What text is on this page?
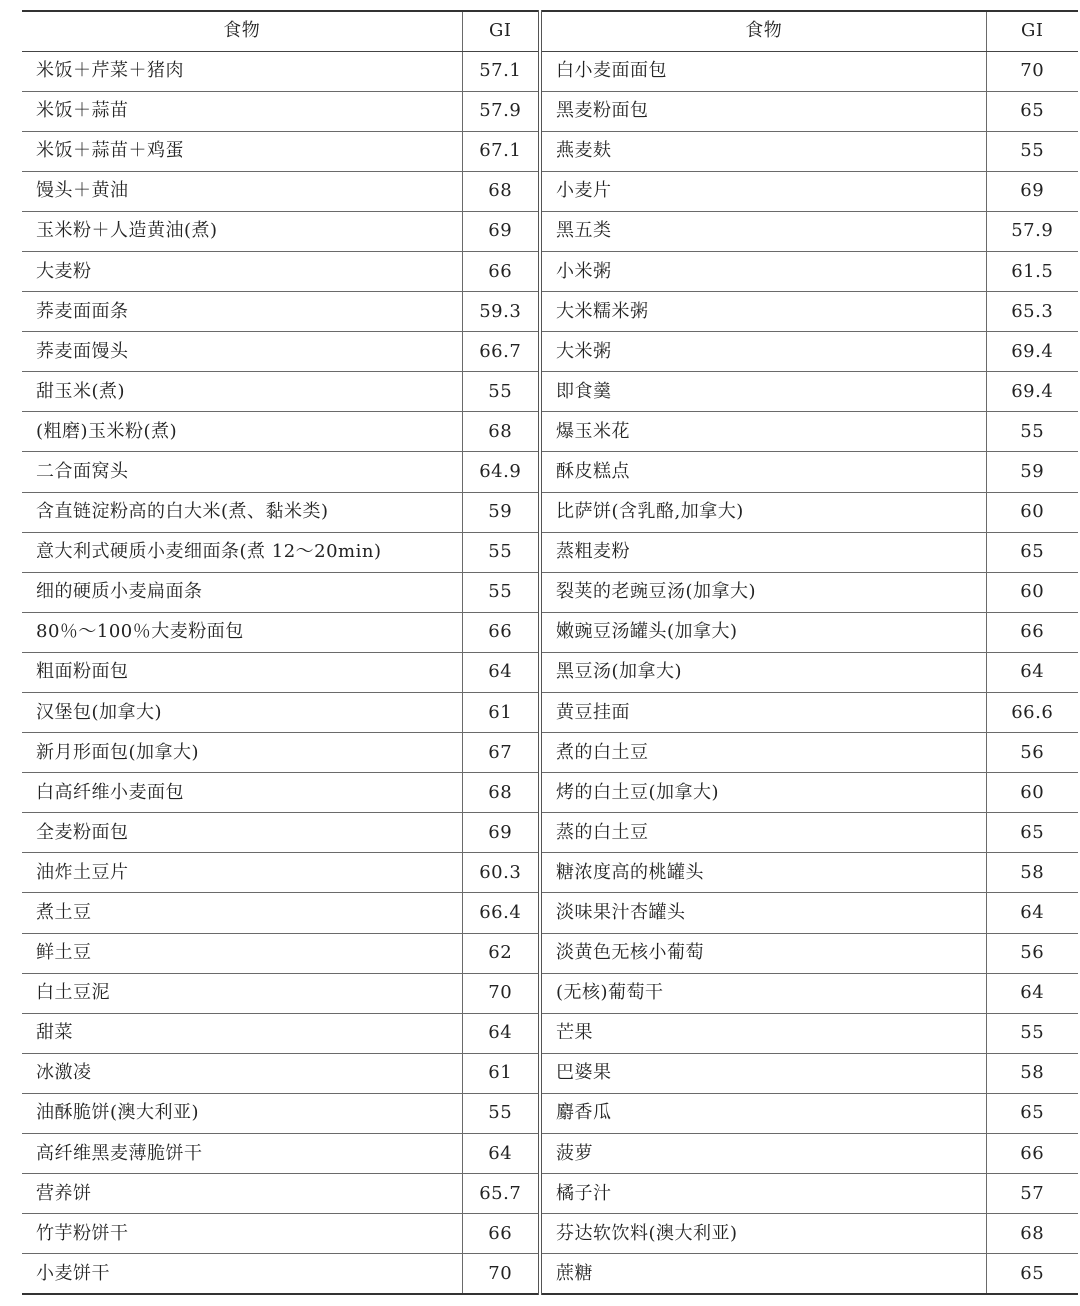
食物	GI	食物	GI
米饭＋芹菜＋猪肉	57.1	白小麦面面包	70
米饭＋蒜苗	57.9	黑麦粉面包	65
米饭＋蒜苗＋鸡蛋	67.1	燕麦麸	55
馒头＋黄油	68	小麦片	69
玉米粉＋人造黄油(煮)	69	黑五类	57.9
大麦粉	66	小米粥	61.5
荞麦面面条	59.3	大米糯米粥	65.3
荞麦面馒头	66.7	大米粥	69.4
甜玉米(煮)	55	即食羹	69.4
(粗磨)玉米粉(煮)	68	爆玉米花	55
二合面窝头	64.9	酥皮糕点	59
含直链淀粉高的白大米(煮、黏米类)	59	比萨饼(含乳酪,加拿大)	60
意大利式硬质小麦细面条(煮 12～20min)	55	蒸粗麦粉	65
细的硬质小麦扁面条	55	裂荚的老豌豆汤(加拿大)	60
80％～100％大麦粉面包	66	嫩豌豆汤罐头(加拿大)	66
粗面粉面包	64	黑豆汤(加拿大)	64
汉堡包(加拿大)	61	黄豆挂面	66.6
新月形面包(加拿大)	67	煮的白土豆	56
白高纤维小麦面包	68	烤的白土豆(加拿大)	60
全麦粉面包	69	蒸的白土豆	65
油炸土豆片	60.3	糖浓度高的桃罐头	58
煮土豆	66.4	淡味果汁杏罐头	64
鲜土豆	62	淡黄色无核小葡萄	56
白土豆泥	70	(无核)葡萄干	64
甜菜	64	芒果	55
冰激凌	61	巴婆果	58
油酥脆饼(澳大利亚)	55	麝香瓜	65
高纤维黑麦薄脆饼干	64	菠萝	66
营养饼	65.7	橘子汁	57
竹芋粉饼干	66	芬达软饮料(澳大利亚)	68
小麦饼干	70	蔗糖	65
